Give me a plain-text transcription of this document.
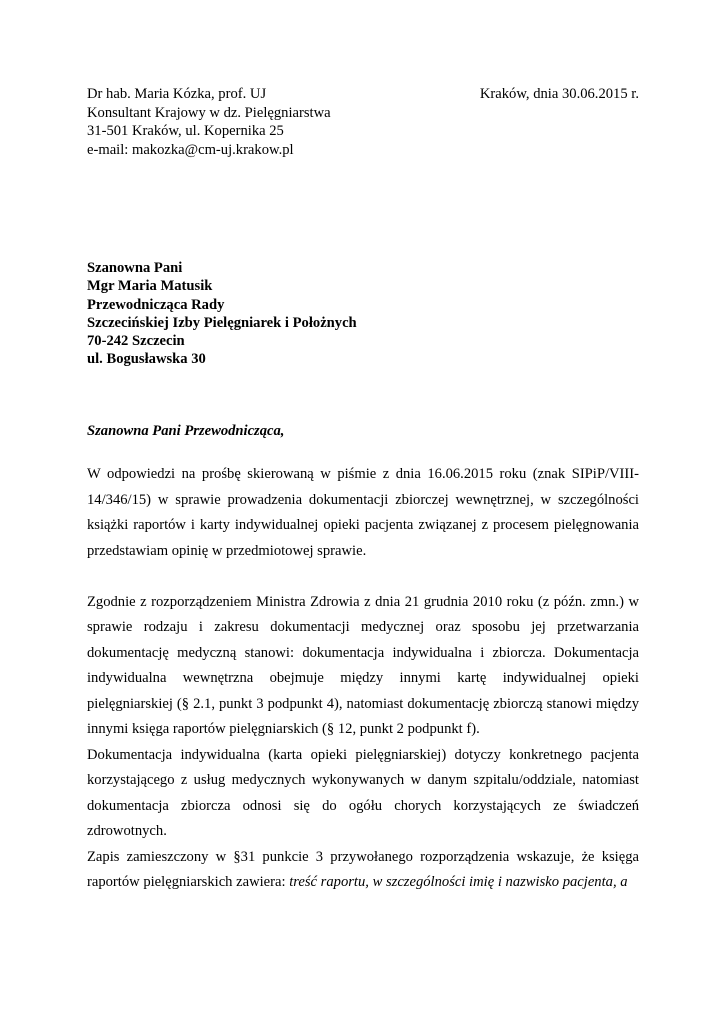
Dr hab. Maria Kózka, prof. UJ
Konsultant Krajowy w dz. Pielęgniarstwa
31-501 Kraków, ul. Kopernika 25
e-mail: makozka@cm-uj.krakow.pl
Kraków, dnia 30.06.2015 r.
Szanowna Pani
Mgr Maria Matusik
Przewodnicząca Rady
Szczecińskiej Izby Pielęgniarek i Położnych
70-242 Szczecin
ul. Bogusławska 30
Szanowna Pani Przewodnicząca,

W odpowiedzi na prośbę skierowaną w piśmie z dnia 16.06.2015 roku (znak SIPiP/VIII-14/346/15) w sprawie prowadzenia dokumentacji zbiorczej wewnętrznej, w szczególności książki raportów i karty indywidualnej opieki pacjenta związanej z procesem pielęgnowania przedstawiam opinię w przedmiotowej sprawie.

Zgodnie z rozporządzeniem Ministra Zdrowia z dnia 21 grudnia 2010 roku (z późn. zmn.) w sprawie rodzaju i zakresu dokumentacji medycznej oraz sposobu jej przetwarzania dokumentację medyczną stanowi: dokumentacja indywidualna i zbiorcza. Dokumentacja indywidualna wewnętrzna obejmuje między innymi kartę indywidualnej opieki pielęgniarskiej (§ 2.1, punkt 3 podpunkt 4), natomiast dokumentację zbiorczą stanowi między innymi księga raportów pielęgniarskich (§ 12, punkt 2 podpunkt f).

Dokumentacja indywidualna (karta opieki pielęgniarskiej) dotyczy konkretnego pacjenta korzystającego z usług medycznych wykonywanych w danym szpitalu/oddziale, natomiast dokumentacja zbiorcza odnosi się do ogółu chorych korzystających ze świadczeń zdrowotnych.

Zapis zamieszczony w §31 punkcie 3 przywołanego rozporządzenia wskazuje, że księga raportów pielęgniarskich zawiera: treść raportu, w szczególności imię i nazwisko pacjenta, a
